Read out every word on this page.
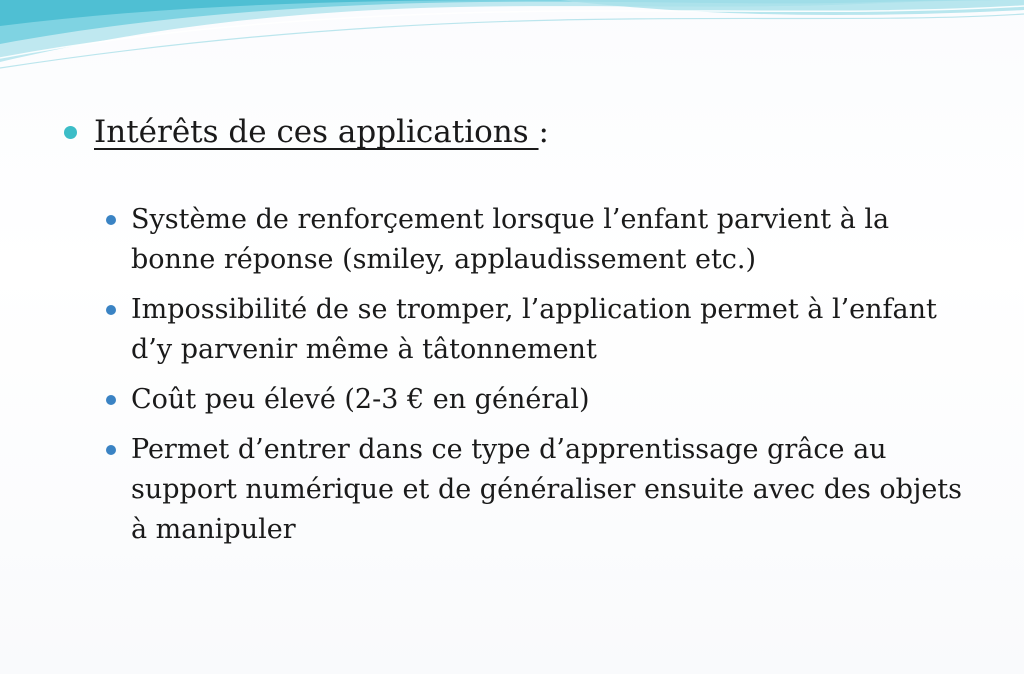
Intérêts de ces applications :
Système de renforçement lorsque l’enfant parvient à la bonne réponse (smiley, applaudissement etc.)
Impossibilité de se tromper, l’application permet à l’enfant d’y parvenir même à tâtonnement
Coût peu élevé (2-3 € en général)
Permet d’entrer dans ce type d’apprentissage grâce au support numérique et de généraliser ensuite avec des objets à manipuler
